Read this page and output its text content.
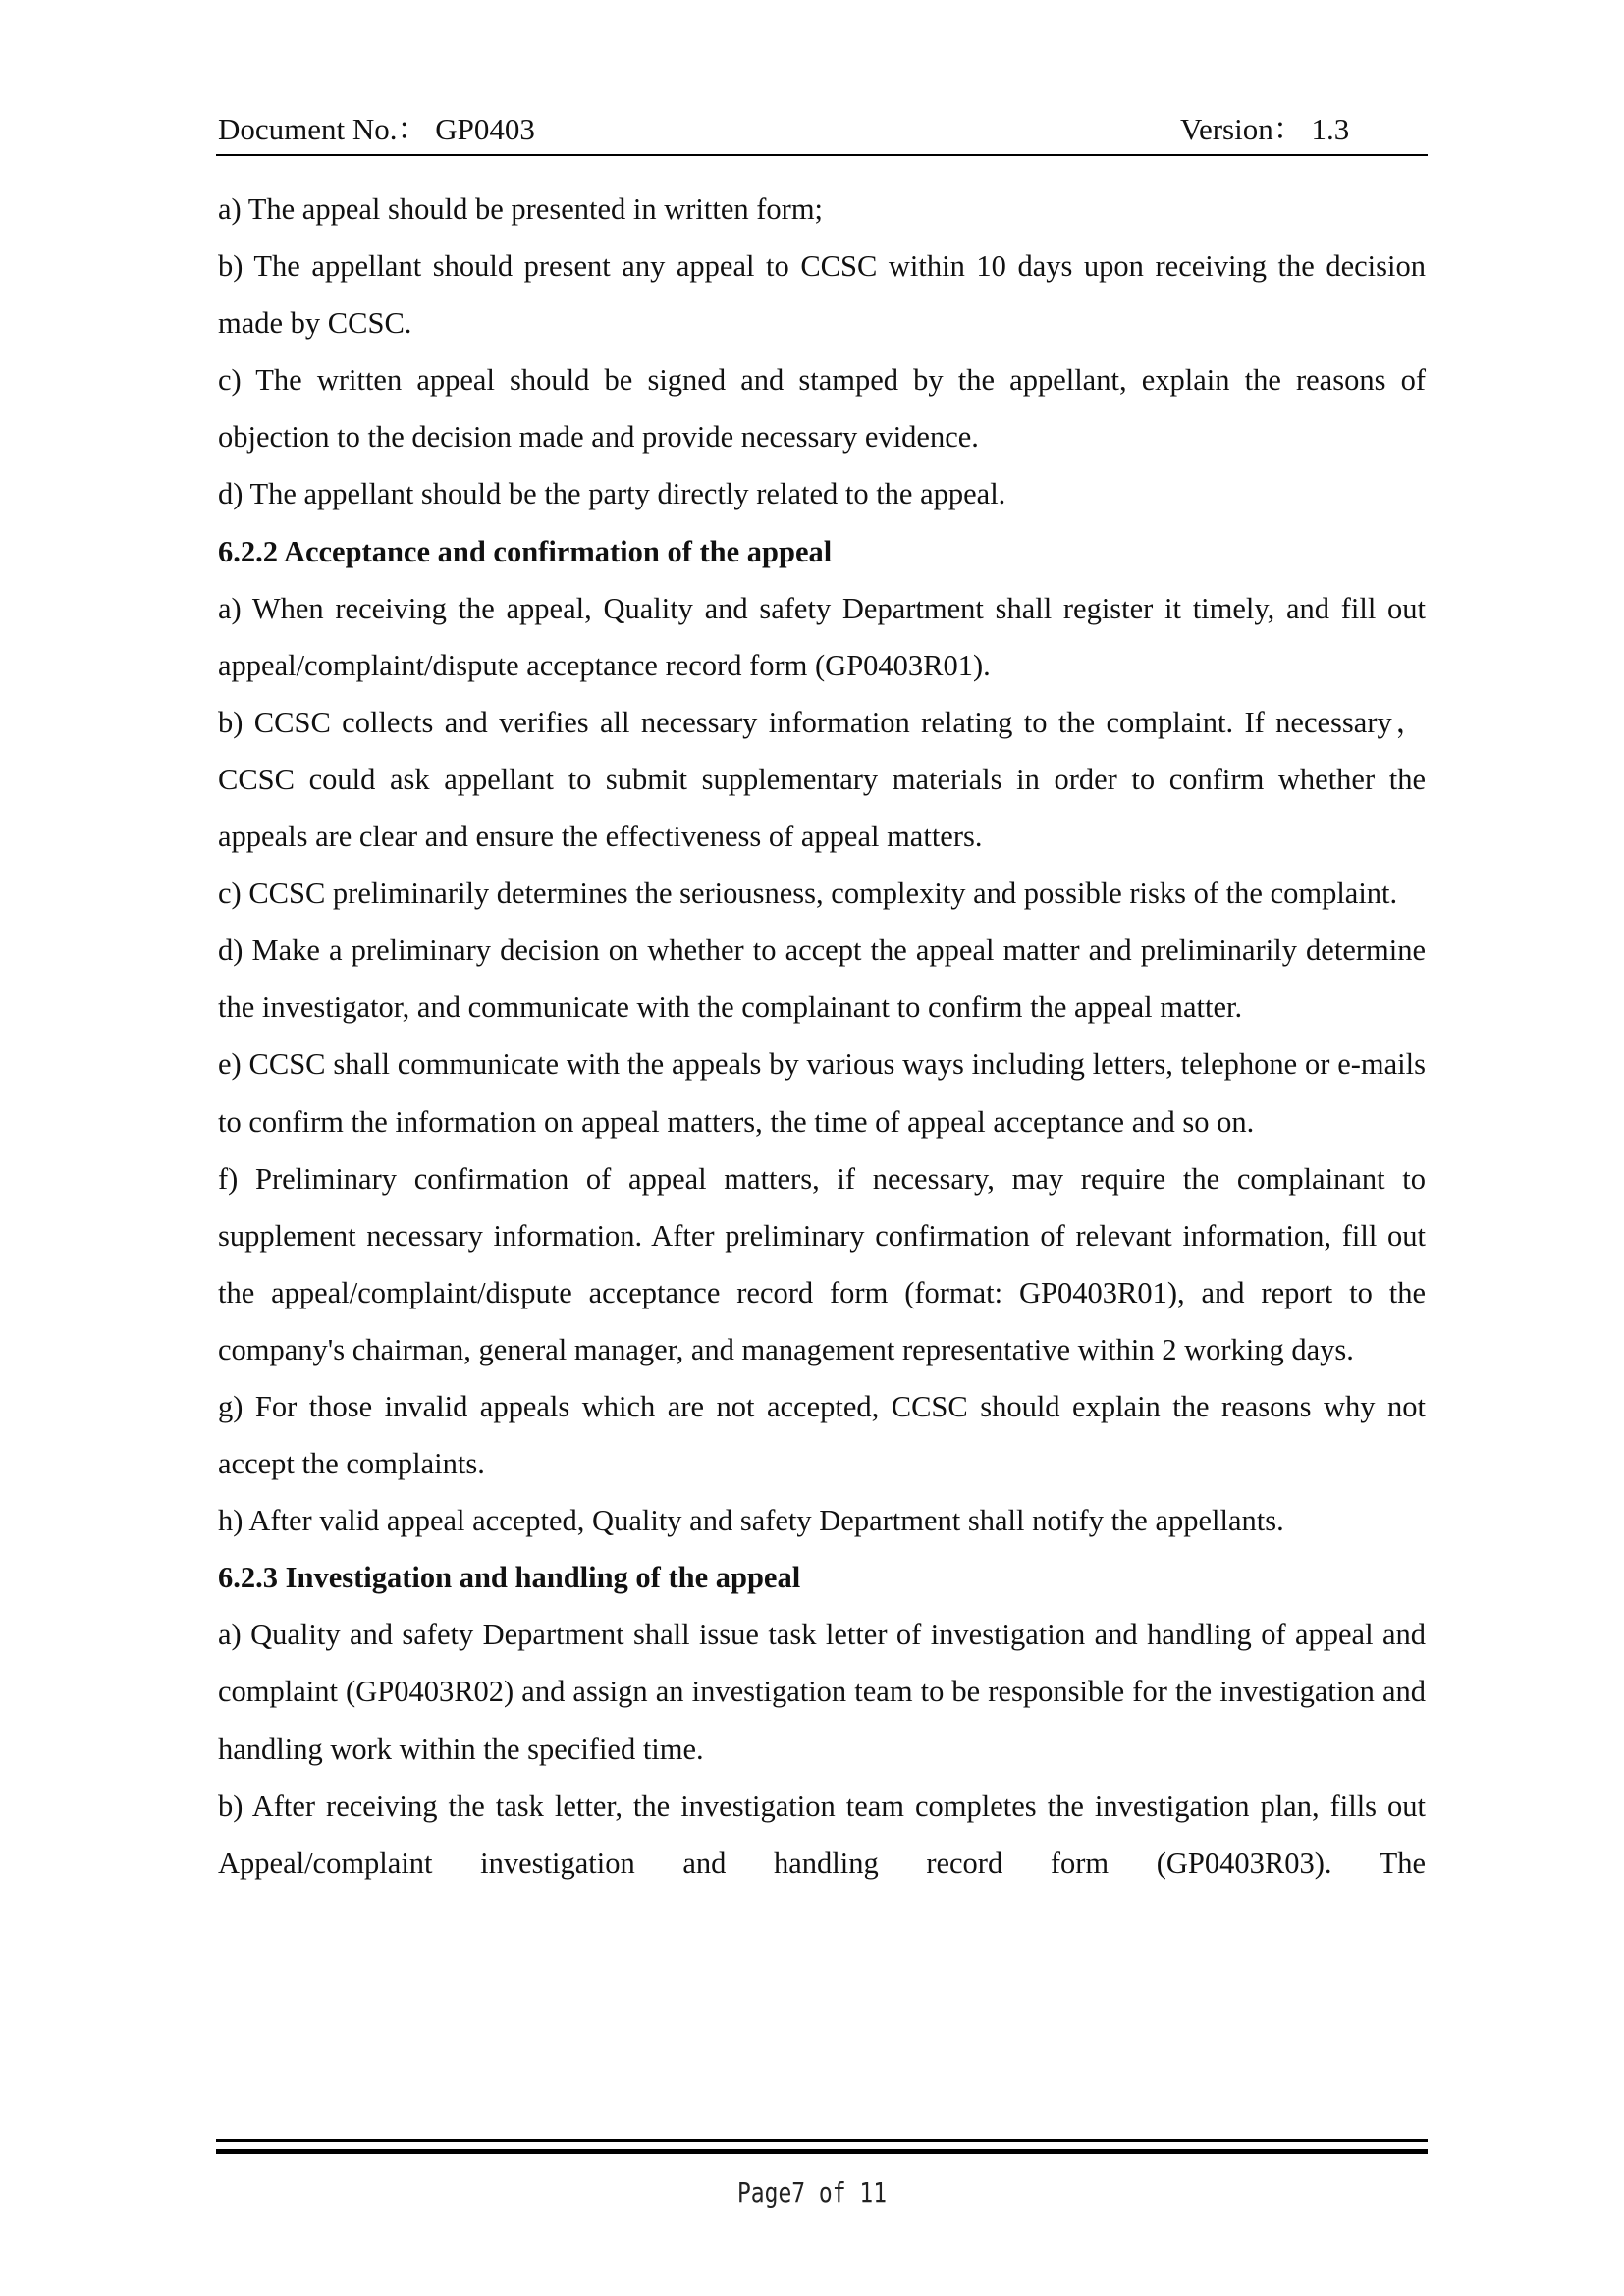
Document No.： GP0403	Version： 1.3

a) The appeal should be presented in written form;

b) The appellant should present any appeal to CCSC within 10 days upon receiving the decision made by CCSC.

c) The written appeal should be signed and stamped by the appellant, explain the reasons of objection to the decision made and provide necessary evidence.

d) The appellant should be the party directly related to the appeal.

6.2.2 Acceptance and confirmation of the appeal

a) When receiving the appeal, Quality and safety Department shall register it timely, and fill out appeal/complaint/dispute acceptance record form (GP0403R01).

b) CCSC collects and verifies all necessary information relating to the complaint. If necessary， CCSC could ask appellant to submit supplementary materials in order to confirm whether the appeals are clear and ensure the effectiveness of appeal matters.

c) CCSC preliminarily determines the seriousness, complexity and possible risks of the complaint.

d) Make a preliminary decision on whether to accept the appeal matter and preliminarily determine the investigator, and communicate with the complainant to confirm the appeal matter.

e) CCSC shall communicate with the appeals by various ways including letters, telephone or e-mails to confirm the information on appeal matters, the time of appeal acceptance and so on.

f) Preliminary confirmation of appeal matters, if necessary, may require the complainant to supplement necessary information. After preliminary confirmation of relevant information, fill out the appeal/complaint/dispute acceptance record form (format: GP0403R01), and report to the company's chairman, general manager, and management representative within 2 working days.

g) For those invalid appeals which are not accepted, CCSC should explain the reasons why not accept the complaints.

h) After valid appeal accepted, Quality and safety Department shall notify the appellants.

6.2.3 Investigation and handling of the appeal

a) Quality and safety Department shall issue task letter of investigation and handling of appeal and complaint (GP0403R02) and assign an investigation team to be responsible for the investigation and handling work within the specified time.

b) After receiving the task letter, the investigation team completes the investigation plan, fills out Appeal/complaint investigation and handling record form (GP0403R03). The

Page7 of 11
